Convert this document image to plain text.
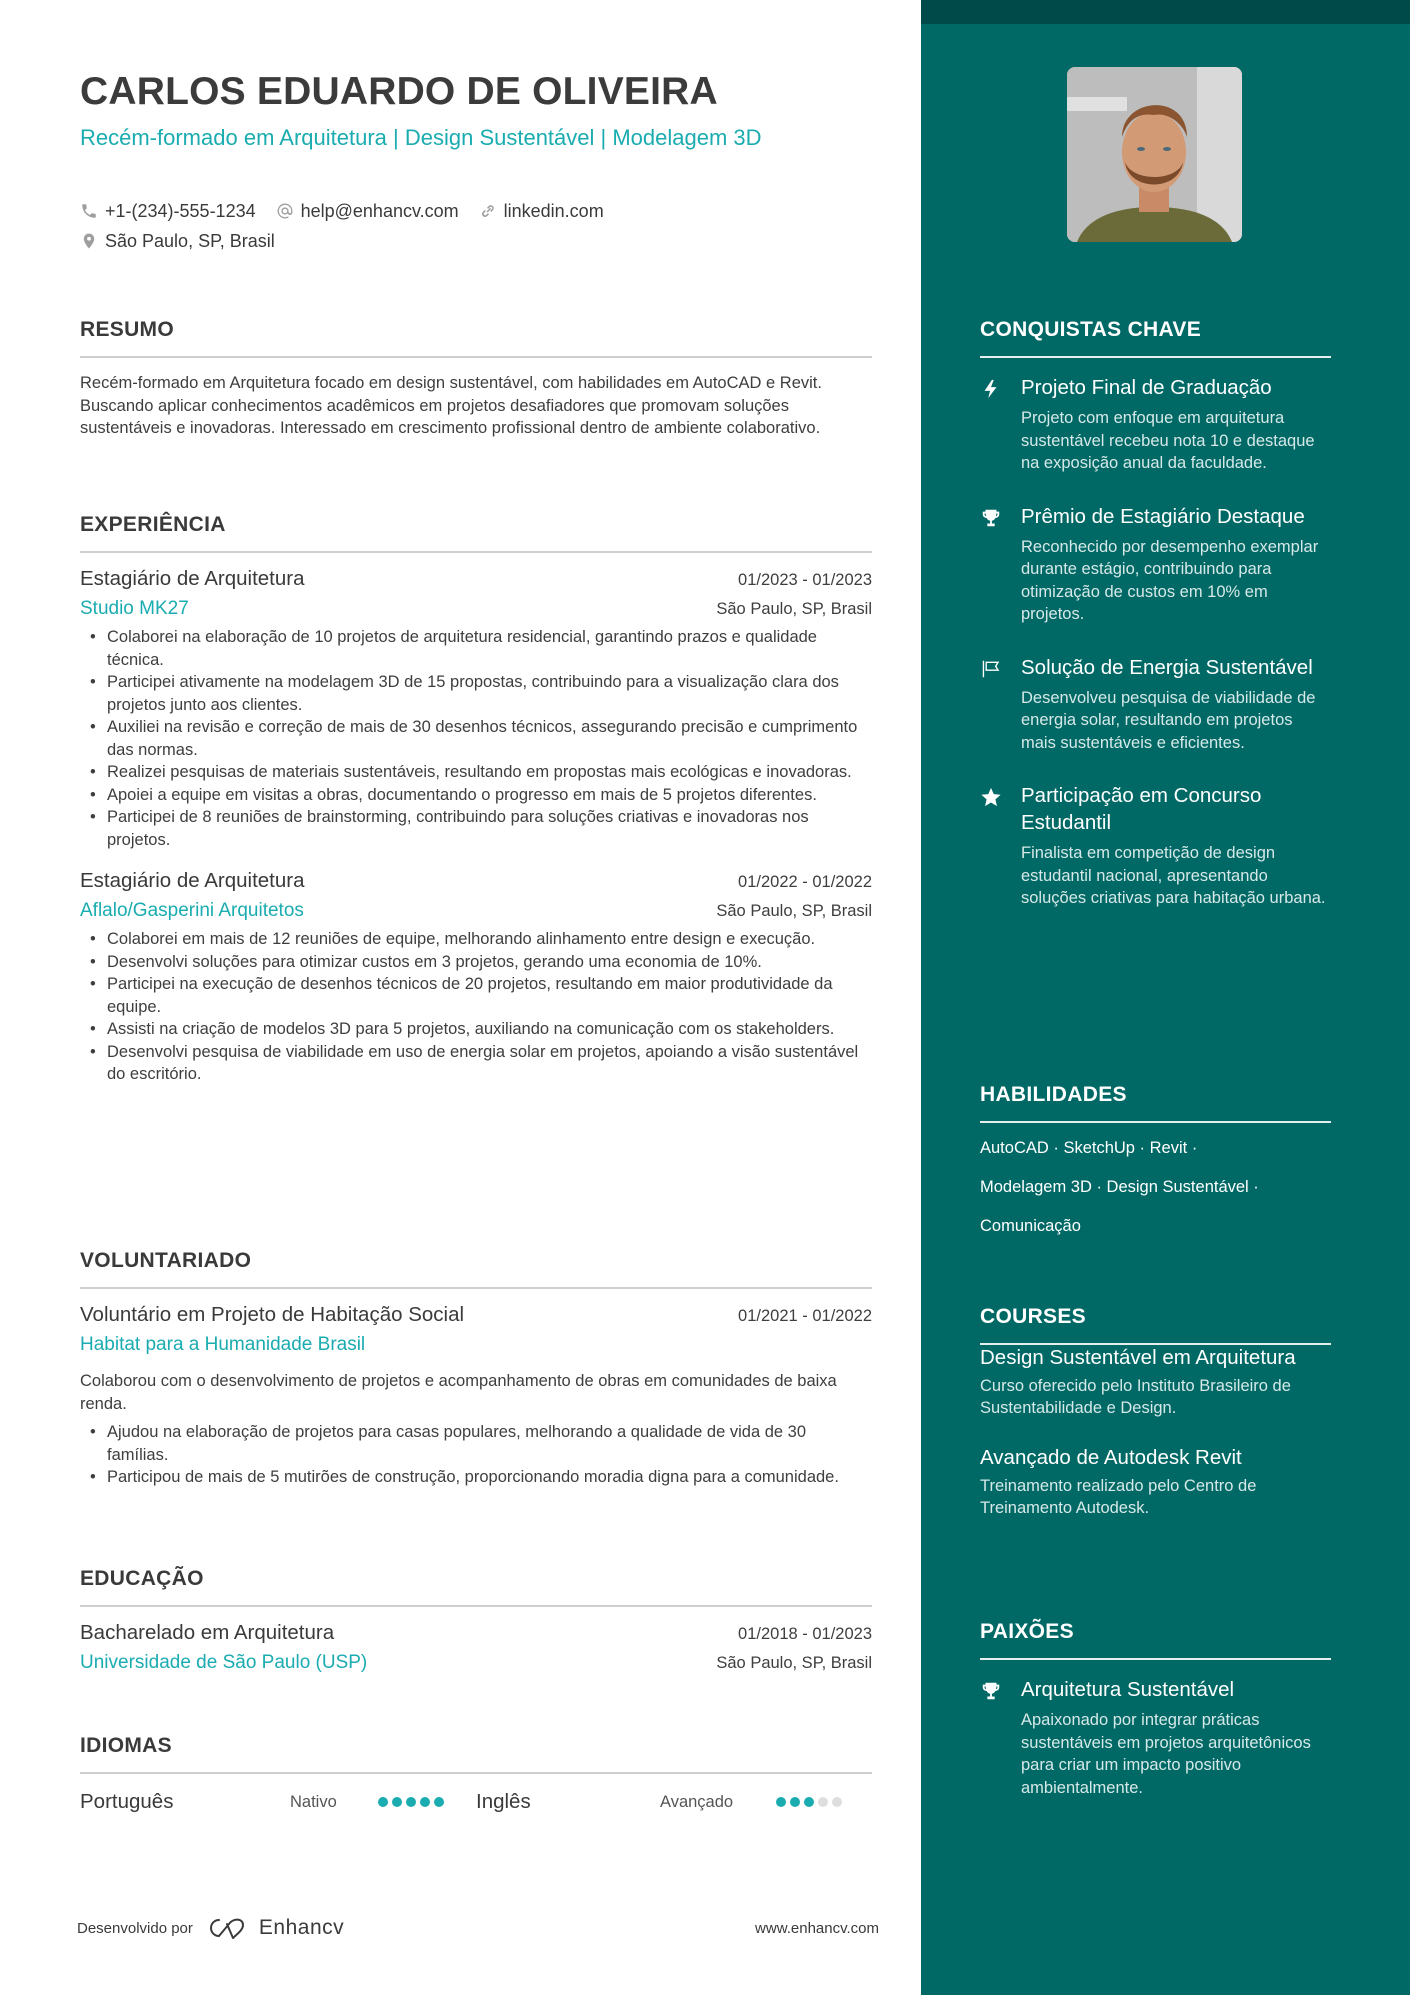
CARLOS EDUARDO DE OLIVEIRA
Recém-formado em Arquitetura | Design Sustentável | Modelagem 3D
+1-(234)-555-1234	help@enhancv.com	linkedin.com
São Paulo, SP, Brasil
RESUMO

Recém-formado em Arquitetura focado em design sustentável, com habilidades em AutoCAD e Revit. Buscando aplicar conhecimentos acadêmicos em projetos desafiadores que promovam soluções sustentáveis e inovadoras. Interessado em crescimento profissional dentro de ambiente colaborativo.

EXPERIÊNCIA
Estagiário de Arquitetura	01/2023 - 01/2023
Studio MK27	São Paulo, SP, Brasil
• Colaborei na elaboração de 10 projetos de arquitetura residencial, garantindo prazos e qualidade técnica.
• Participei ativamente na modelagem 3D de 15 propostas, contribuindo para a visualização clara dos projetos junto aos clientes.
• Auxiliei na revisão e correção de mais de 30 desenhos técnicos, assegurando precisão e cumprimento das normas.
• Realizei pesquisas de materiais sustentáveis, resultando em propostas mais ecológicas e inovadoras.
• Apoiei a equipe em visitas a obras, documentando o progresso em mais de 5 projetos diferentes.
• Participei de 8 reuniões de brainstorming, contribuindo para soluções criativas e inovadoras nos projetos.
Estagiário de Arquitetura	01/2022 - 01/2022
Aflalo/Gasperini Arquitetos	São Paulo, SP, Brasil
• Colaborei em mais de 12 reuniões de equipe, melhorando alinhamento entre design e execução.
• Desenvolvi soluções para otimizar custos em 3 projetos, gerando uma economia de 10%.
• Participei na execução de desenhos técnicos de 20 projetos, resultando em maior produtividade da equipe.
• Assisti na criação de modelos 3D para 5 projetos, auxiliando na comunicação com os stakeholders.
• Desenvolvi pesquisa de viabilidade em uso de energia solar em projetos, apoiando a visão sustentável do escritório.
VOLUNTARIADO
Voluntário em Projeto de Habitação Social	01/2021 - 01/2022
Habitat para a Humanidade Brasil

Colaborou com o desenvolvimento de projetos e acompanhamento de obras em comunidades de baixa renda.

• Ajudou na elaboração de projetos para casas populares, melhorando a qualidade de vida de 30 famílias.
• Participou de mais de 5 mutirões de construção, proporcionando moradia digna para a comunidade.
EDUCAÇÃO
Bacharelado em Arquitetura	01/2018 - 01/2023
Universidade de São Paulo (USP)	São Paulo, SP, Brasil
IDIOMAS
Português	Nativo	Inglês	Avançado
Desenvolvido por	Enhancv	www.enhancv.com
CONQUISTAS CHAVE
Projeto Final de Graduação
Projeto com enfoque em arquitetura sustentável recebeu nota 10 e destaque na exposição anual da faculdade.
Prêmio de Estagiário Destaque
Reconhecido por desempenho exemplar durante estágio, contribuindo para otimização de custos em 10% em projetos.
Solução de Energia Sustentável
Desenvolveu pesquisa de viabilidade de energia solar, resultando em projetos mais sustentáveis e eficientes.
Participação em Concurso Estudantil
Finalista em competição de design estudantil nacional, apresentando soluções criativas para habitação urbana.
HABILIDADES
AutoCAD · SketchUp · Revit ·
Modelagem 3D · Design Sustentável ·
Comunicação
COURSES
Design Sustentável em Arquitetura
Curso oferecido pelo Instituto Brasileiro de Sustentabilidade e Design.
Avançado de Autodesk Revit
Treinamento realizado pelo Centro de Treinamento Autodesk.
PAIXÕES
Arquitetura Sustentável
Apaixonado por integrar práticas sustentáveis em projetos arquitetônicos para criar um impacto positivo ambientalmente.
